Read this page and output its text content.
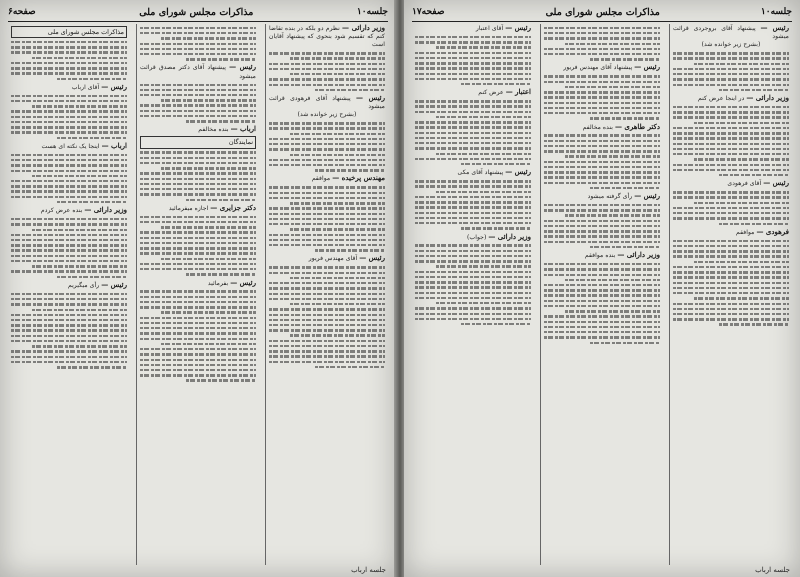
جلسه۱۰
مذاکرات مجلس شورای ملی
صفحه۶
وزیر دارائی — نظرم دو بلکه در بنده تقاضا کنم که تقسیم شود بنحوی که پیشنهاد آقایان است
رئیس — پیشنهاد آقای فرهودی قرائت میشود
(بشرح زیر خوانده شد)
مهندس پرخیده — موافقم
رئیس — آقای مهندس فریور
رئیس — پیشنهاد آقای دکتر مصدق قرائت میشود
ارباب — بنده مخالفم
نمایندگان
دکتر جزایری — اجازه میفرمائید
رئیس — بفرمائید
مذاکرات مجلس شورای ملی
رئیس — آقای ارباب
ارباب — اینجا یک نکته ای هست
وزیر دارائی — بنده عرض کردم
رئیس — رأی میگیریم
جلسه ارباب
جلسه۱۰
مذاکرات مجلس شورای ملی
صفحه۱۷
رئیس — پیشنهاد آقای بروجردی قرائت میشود
(بشرح زیر خوانده شد)
وزیر دارائی — در اینجا عرض کنم
رئیس — آقای فرهودی
فرهودی — موافقم
رئیس — پیشنهاد آقای مهندس فریور
دکتر طاهری — بنده مخالفم
رئیس — رأی گرفته میشود
وزیر دارائی — بنده موافقم
رئیس — آقای اعتبار
اعتبار — عرض کنم
رئیس — پیشنهاد آقای مکی
وزیر دارائی — (جواب)
جلسه ارباب
